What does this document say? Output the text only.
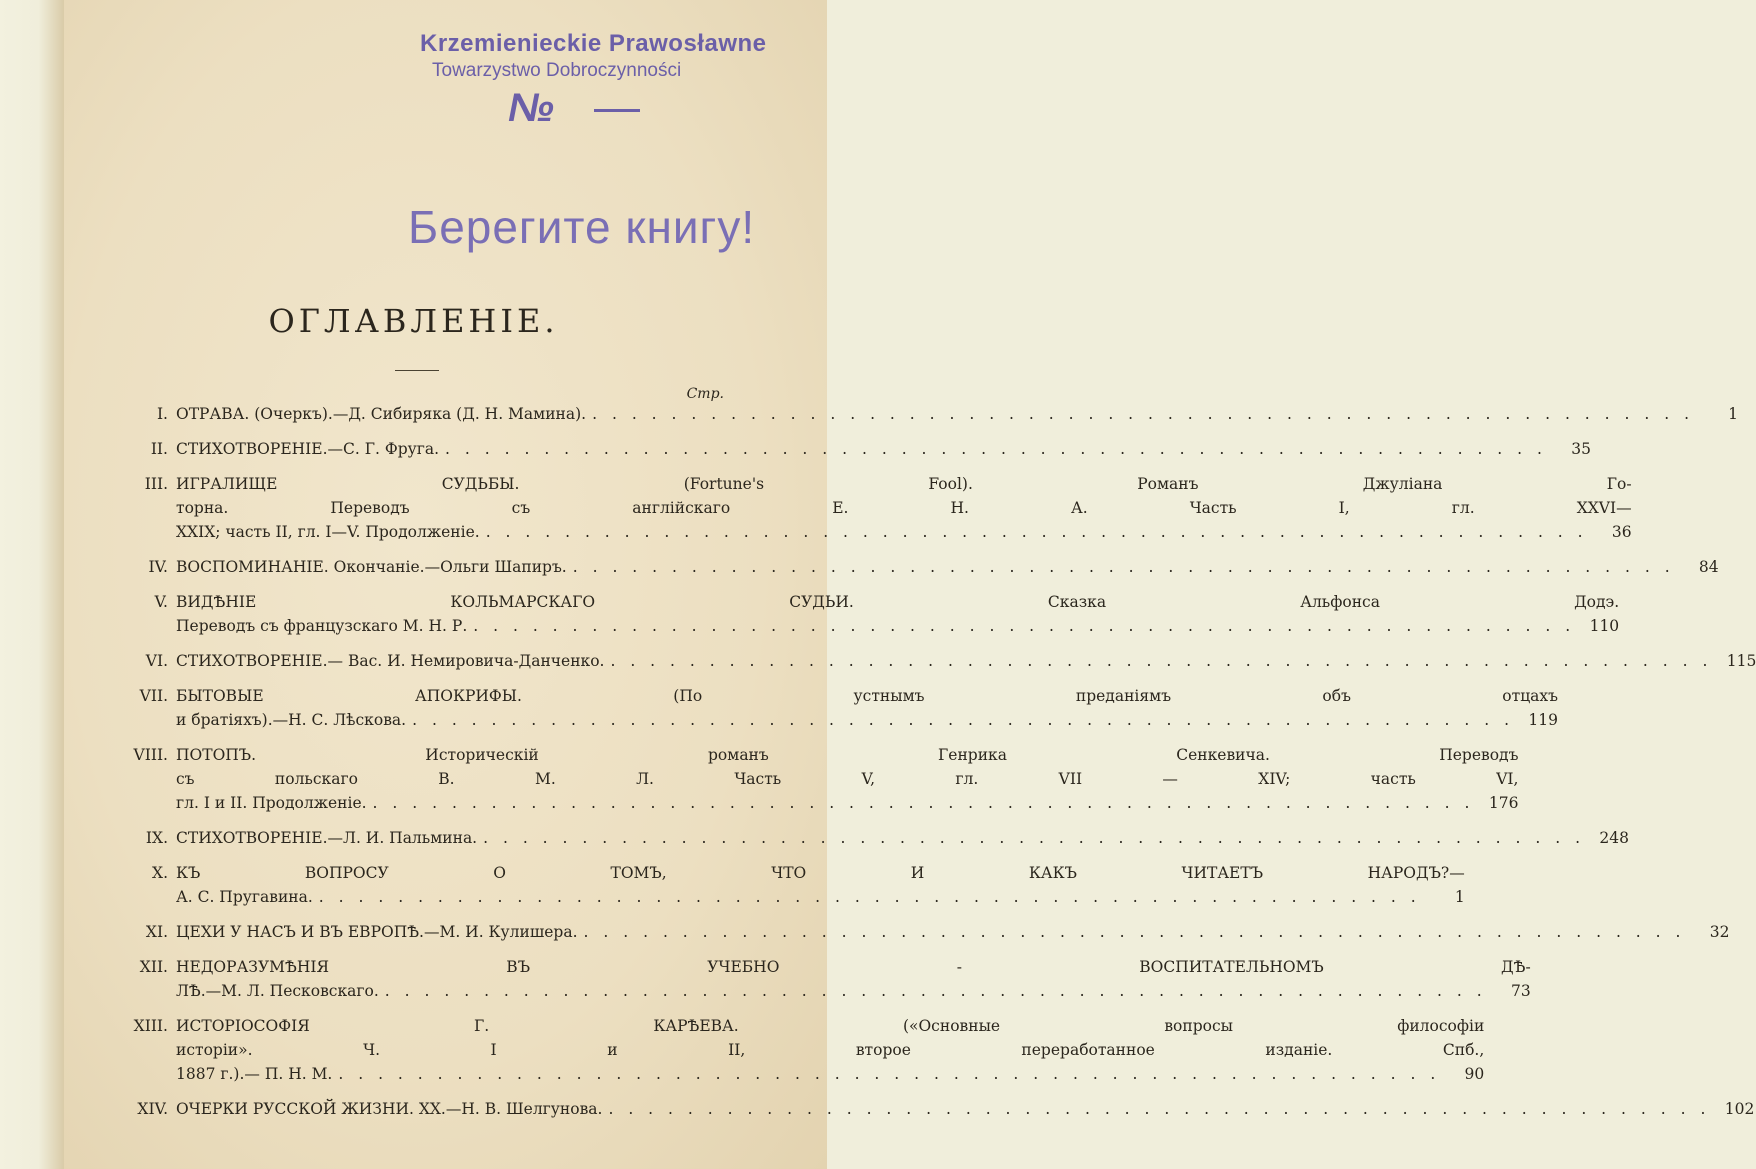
Krzemienieckie Prawosławne
Towarzystwo Dobroczynności
№
Берегите книгу!
ОГЛАВЛЕНІЕ.
Стр.
I. ОТРАВА. (Очеркъ).—Д. Сибиряка (Д. Н. Мамина). . . .	1
II. СТИХОТВОРЕНІЕ.—С. Г. Фруга. . . .	35
III. ИГРАЛИЩЕ СУДЬБЫ. (Fortune's Fool). Романъ Джуліана Го-
торна. Переводъ съ англійскаго Е. Н. А. Часть I, гл. XXVI—
XXIX; часть II, гл. I—V. Продолженіе. . . .	36
IV. ВОСПОМИНАНІЕ. Окончаніе.—Ольги Шапиръ. . . .	84
V. ВИДѢНІЕ КОЛЬМАРСКАГО СУДЬИ. Сказка Альфонса Додэ.
Переводъ съ французскаго М. Н. Р. . . .	110
VI. СТИХОТВОРЕНІЕ.— Вас. И. Немировича-Данченко. . . .	115
VII. БЫТОВЫЕ АПОКРИФЫ. (По устнымъ преданіямъ объ отцахъ
и братіяхъ).—Н. С. Лѣскова. . . .	119
VIII. ПОТОПЪ. Историческій романъ Генрика Сенкевича. Переводъ
съ польскаго В. М. Л. Часть V, гл. VII — XIV; часть VI,
гл. I и II. Продолженіе. . . .	176
IX. СТИХОТВОРЕНІЕ.—Л. И. Пальмина. . . .	248
X. КЪ ВОПРОСУ О ТОМЪ, ЧТО И КАКЪ ЧИТАЕТЪ НАРОДЪ?—
А. С. Пругавина. . . .	1
XI. ЦЕХИ У НАСЪ И ВЪ ЕВРОПѢ.—М. И. Кулишера. . . .	32
XII. НЕДОРАЗУМѢНІЯ ВЪ УЧЕБНО - ВОСПИТАТЕЛЬНОМЪ ДѢ-
ЛѢ.—М. Л. Песковскаго. . . .	73
XIII. ИСТОРІОСОФІЯ Г. КАРѢЕВА. («Основные вопросы философіи
исторіи». Ч. I и II, второе переработанное изданіе. Спб.,
1887 г.).— П. Н. М. . . .	90
XIV. ОЧЕРКИ РУССКОЙ ЖИЗНИ. XX.—Н. В. Шелгунова. . . .	102
